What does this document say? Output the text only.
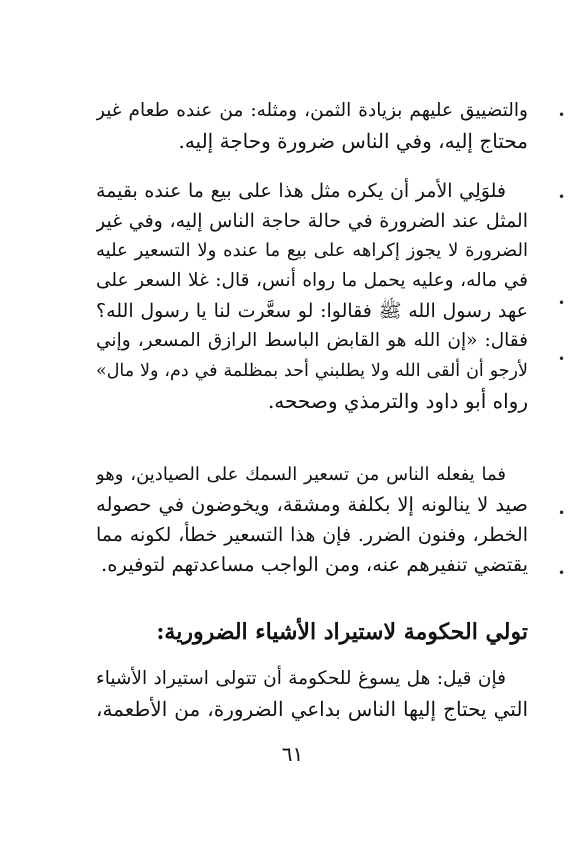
•
•
•
•
•
•
والتضييق عليهم بزيادة الثمن، ومثله: من عنده طعام غير
محتاج إليه، وفي الناس ضرورة وحاجة إليه.
فلوَلِي الأمر أن يكره مثل هذا على بيع ما عنده بقيمة
المثل عند الضرورة في حالة حاجة الناس إليه، وفي غير
الضرورة لا يجوز إكراهه على بيع ما عنده ولا التسعير عليه
في ماله، وعليه يحمل ما رواه أنس، قال: غلا السعر على
عهد رسول الله ﷺ فقالوا: لو سعَّرت لنا يا رسول الله؟
فقال: «إن الله هو القابض الباسط الرازق المسعر، وإني
لأرجو أن ألقى الله ولا يطلبني أحد بمظلمة في دم، ولا مال»
رواه أبو داود والترمذي وصححه.
فما يفعله الناس من تسعير السمك على الصيادين، وهو
صيد لا ينالونه إلا بكلفة ومشقة، ويخوضون في حصوله
الخطر، وفنون الضرر. فإن هذا التسعير خطأ، لكونه مما
يقتضي تنفيرهم عنه، ومن الواجب مساعدتهم لتوفيره.
تولي الحكومة لاستيراد الأشياء الضرورية:
فإن قيل: هل يسوغ للحكومة أن تتولى استيراد الأشياء
التي يحتاج إليها الناس بداعي الضرورة، من الأطعمة،
٦١
